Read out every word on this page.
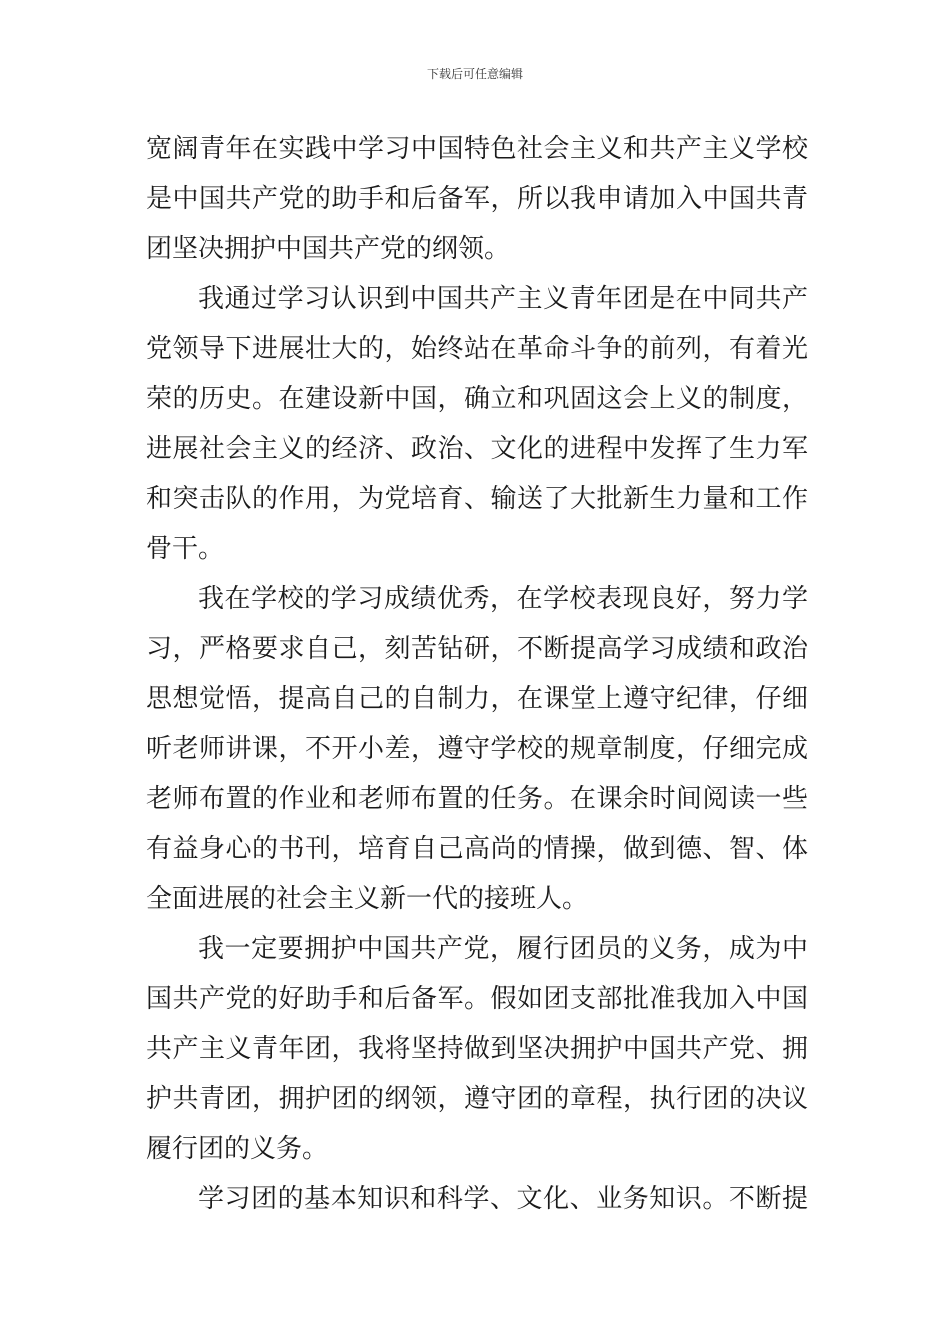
下载后可任意编辑
宽阔青年在实践中学习中国特色社会主义和共产主义学校
是中国共产党的助手和后备军，所以我申请加入中国共青
团坚决拥护中国共产党的纲领。
我通过学习认识到中国共产主义青年团是在中同共产
党领导下进展壮大的，始终站在革命斗争的前列，有着光
荣的历史。在建设新中国，确立和巩固这会上义的制度，
进展社会主义的经济、政治、文化的进程中发挥了生力军
和突击队的作用，为党培育、输送了大批新生力量和工作
骨干。
我在学校的学习成绩优秀，在学校表现良好，努力学
习，严格要求自己，刻苦钻研，不断提高学习成绩和政治
思想觉悟，提高自己的自制力，在课堂上遵守纪律，仔细
听老师讲课，不开小差，遵守学校的规章制度，仔细完成
老师布置的作业和老师布置的任务。在课余时间阅读一些
有益身心的书刊，培育自己高尚的情操，做到德、智、体
全面进展的社会主义新一代的接班人。
我一定要拥护中国共产党，履行团员的义务，成为中
国共产党的好助手和后备军。假如团支部批准我加入中国
共产主义青年团，我将坚持做到坚决拥护中国共产党、拥
护共青团，拥护团的纲领，遵守团的章程，执行团的决议
履行团的义务。
学习团的基本知识和科学、文化、业务知识。不断提
